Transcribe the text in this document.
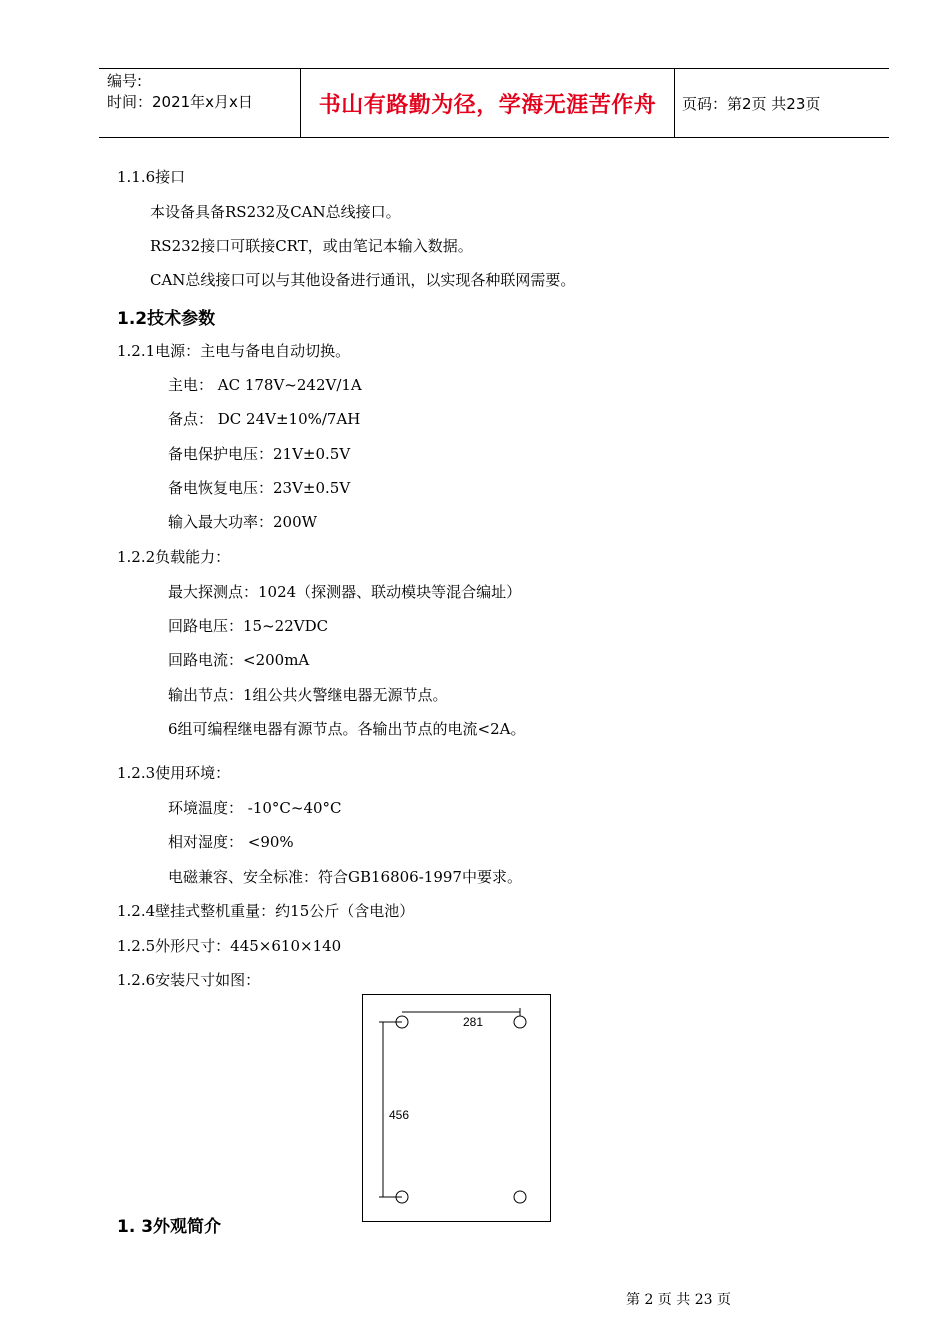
编号:
时间：2021年x月x日	书山有路勤为径，学海无涯苦作舟	页码：第2页 共23页
1.1.6接口
本设备具备RS232及CAN总线接口。
RS232接口可联接CRT，或由笔记本输入数据。
CAN总线接口可以与其他设备进行通讯，以实现各种联网需要。
1.2技术参数
1.2.1电源：主电与备电自动切换。
主电： AC 178V~242V/1A
备点： DC 24V±10%/7AH
备电保护电压：21V±0.5V
备电恢复电压：23V±0.5V
输入最大功率：200W
1.2.2负载能力：
最大探测点：1024（探测器、联动模块等混合编址）
回路电压：15~22VDC
回路电流：<200mA
输出节点：1组公共火警继电器无源节点。
6组可编程继电器有源节点。各输出节点的电流<2A。
1.2.3使用环境：
环境温度： -10°C~40°C
相对湿度： <90%
电磁兼容、安全标准：符合GB16806-1997中要求。
1.2.4壁挂式整机重量：约15公斤（含电池）
1.2.5外形尺寸：445×610×140
1.2.6安装尺寸如图：
281
456
1. 3外观简介
第 2 页 共 23 页
